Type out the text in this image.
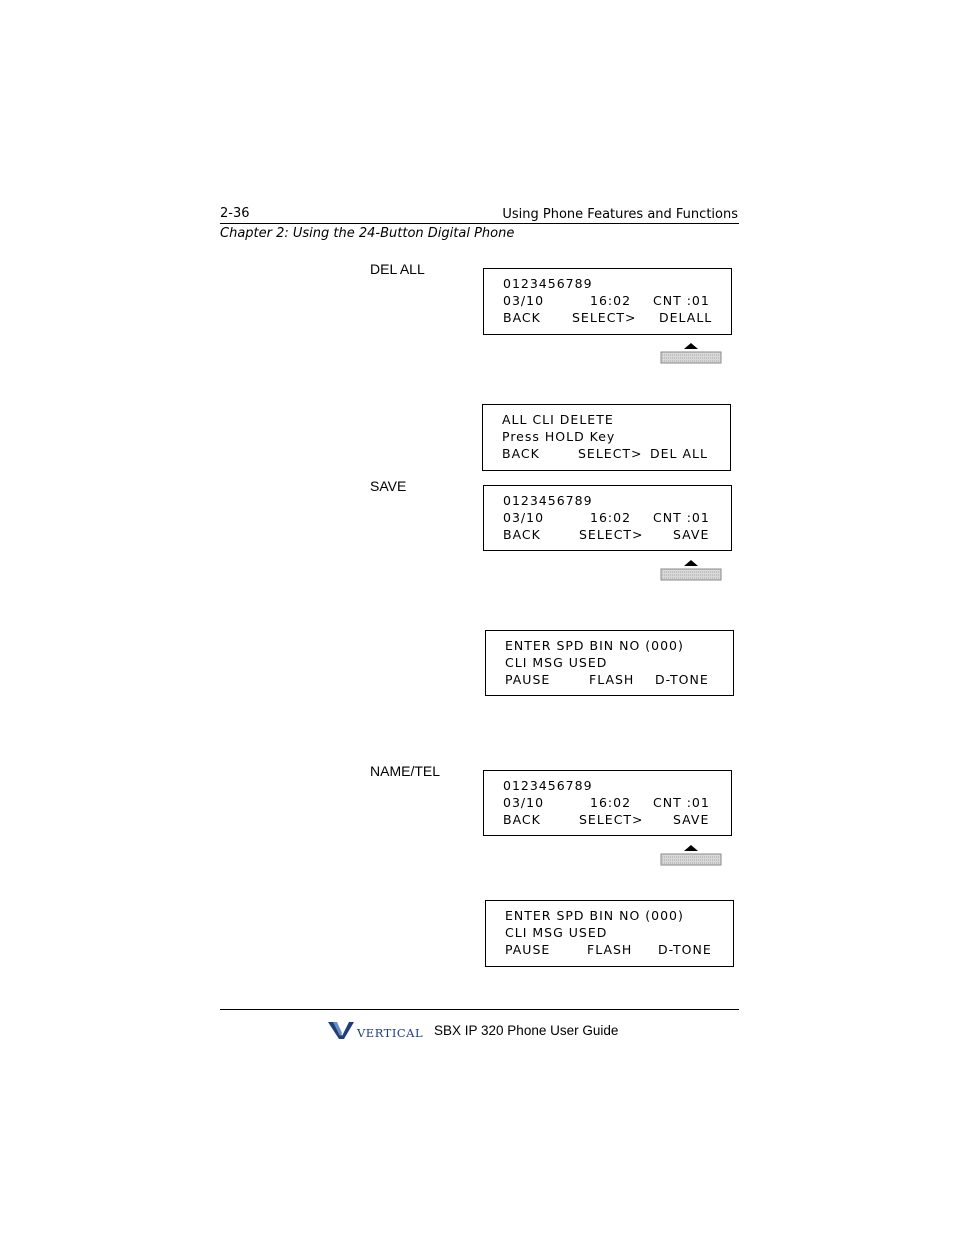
2-36	Using Phone Features and Functions
Chapter 2: Using the 24-Button Digital Phone
DEL ALL
0123456789

03/10

	16:02

CNT :01

BACK

SELECT>

DELALL

ALL CLI DELETE
Press HOLD Key

BACK

	SELECT>

DEL ALL

SAVE
0123456789

03/10

	16:02

CNT :01

BACK

	SELECT>

SAVE

ENTER SPD BIN NO (000)
CLI MSG USED

PAUSE

	FLASH

D-TONE

NAME/TEL
0123456789

03/10

	16:02

CNT :01

BACK

	SELECT>

SAVE

ENTER SPD BIN NO (000)
CLI MSG USED

PAUSE

	FLASH

D-TONE

VERTICAL SBX IP 320 Phone User Guide
